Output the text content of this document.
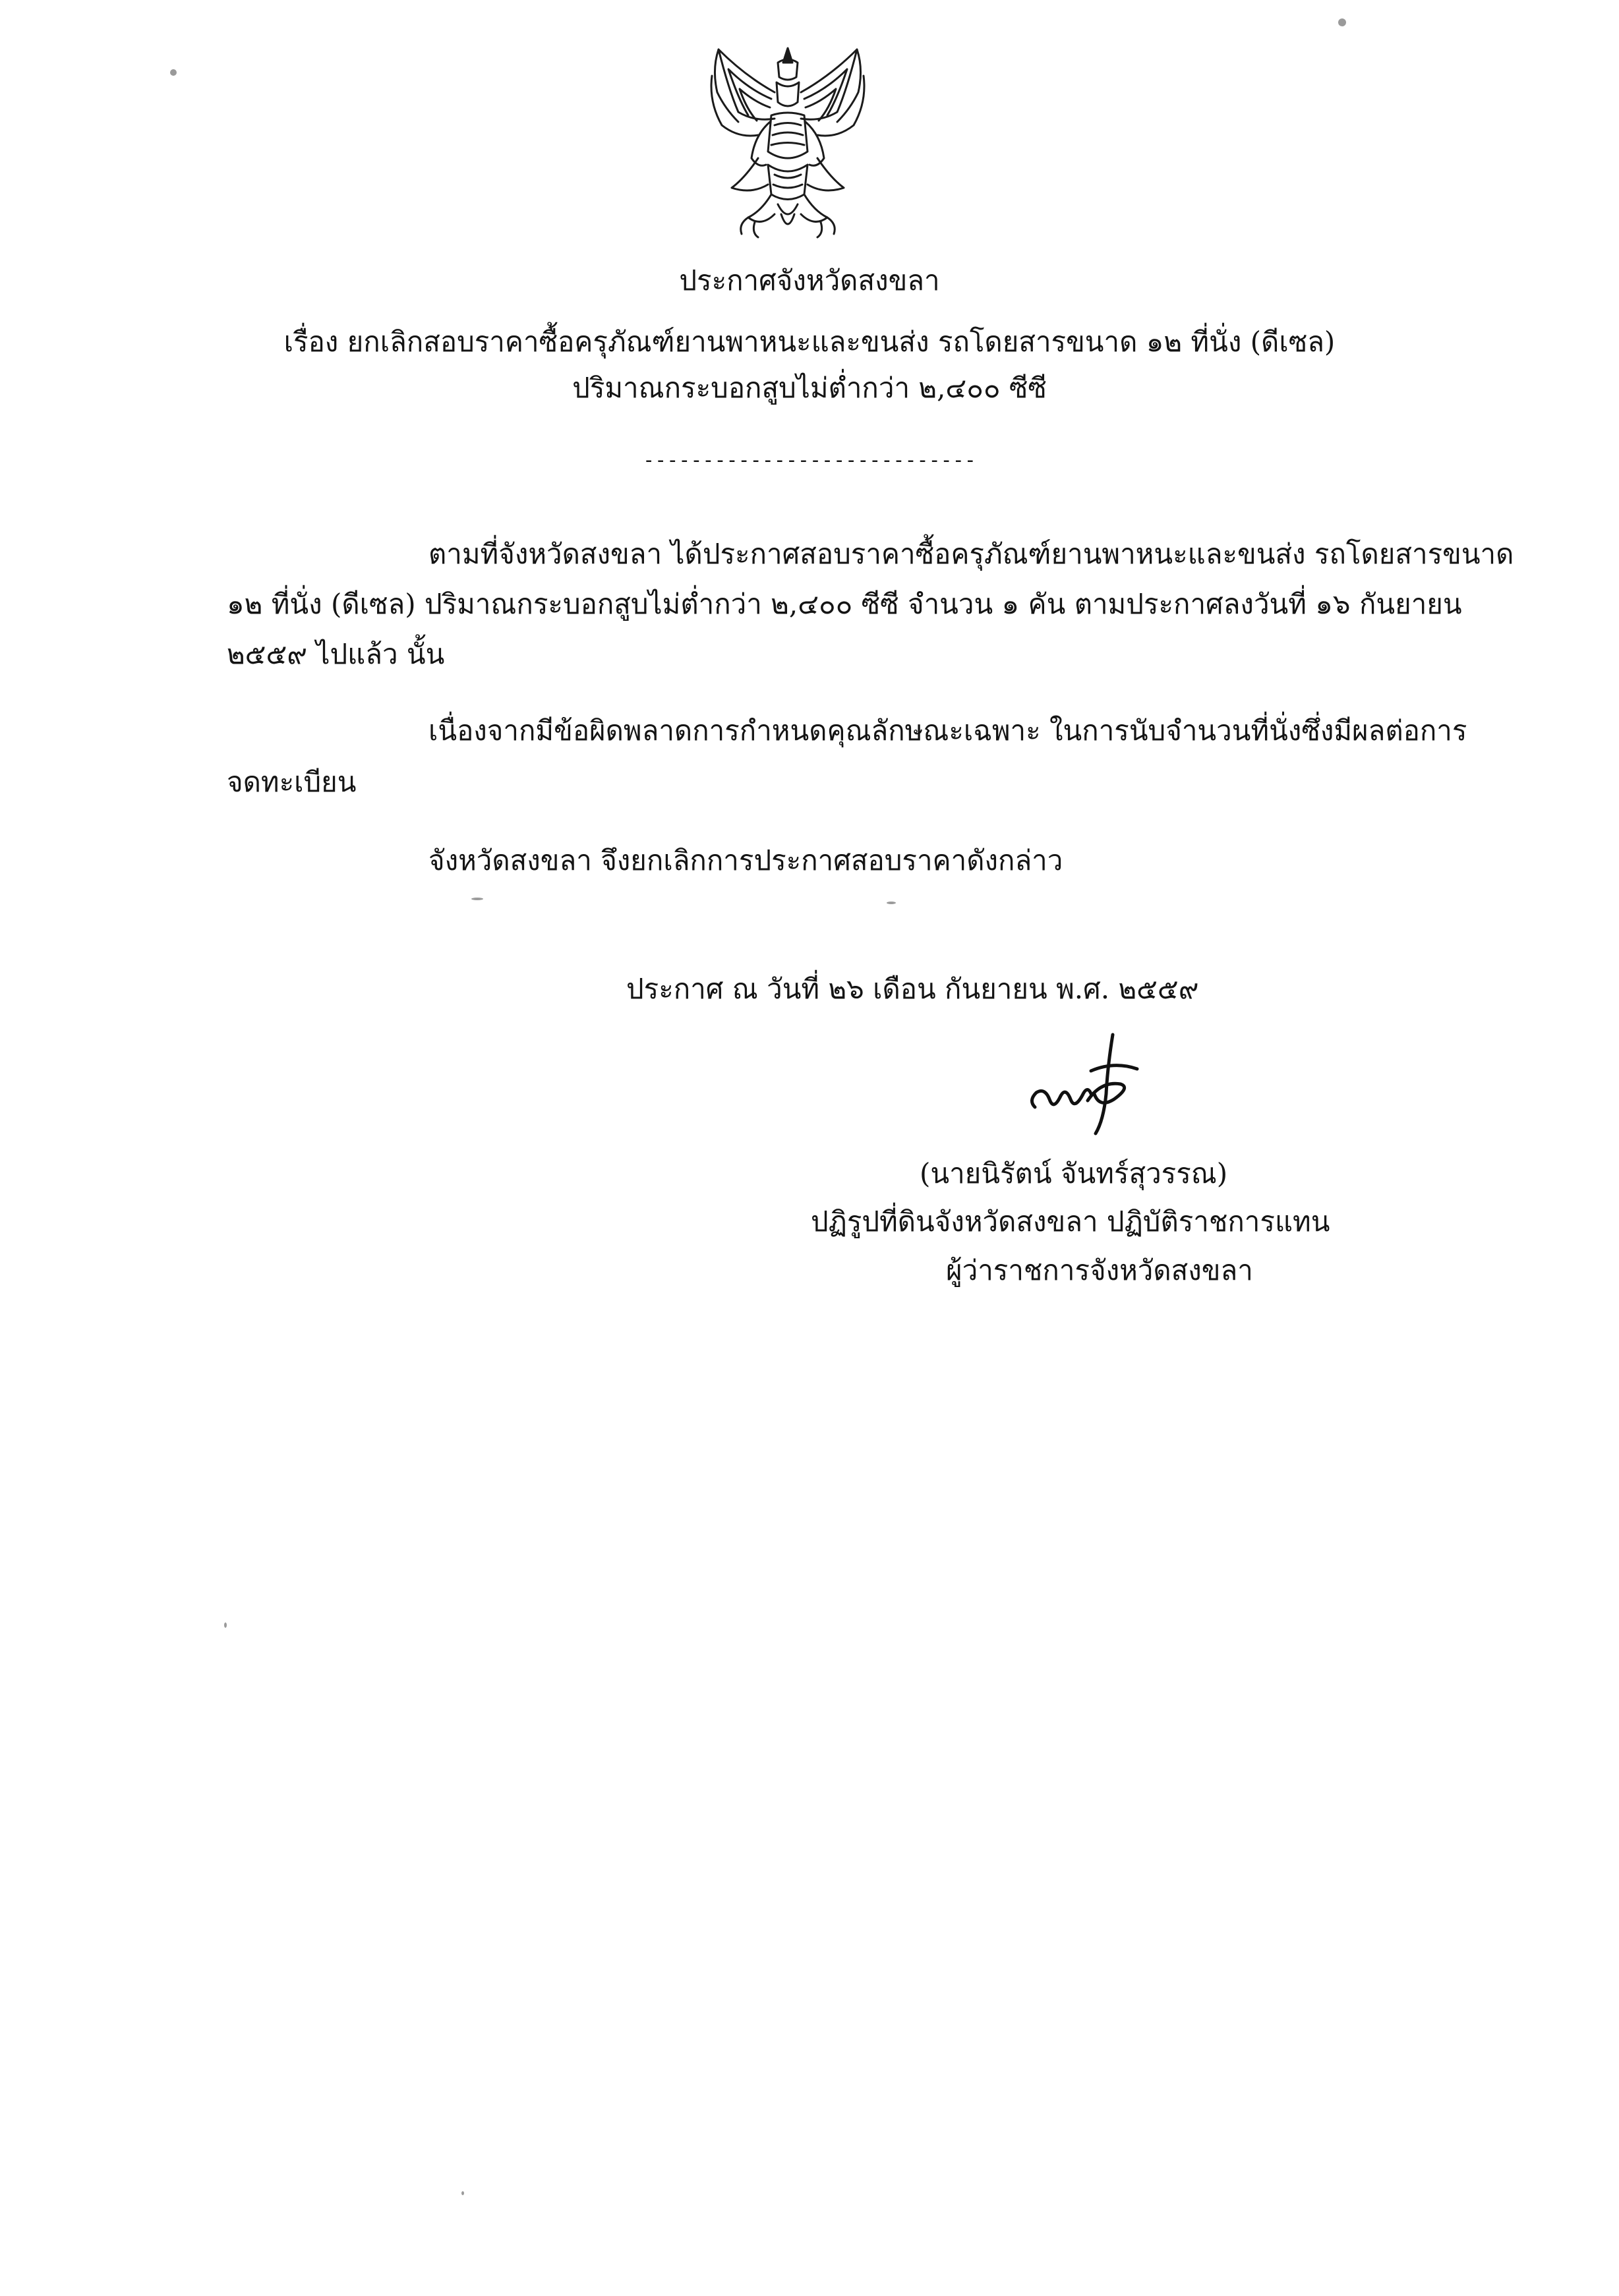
ประกาศจังหวัดสงขลา
เรื่อง ยกเลิกสอบราคาซื้อครุภัณฑ์ยานพาหนะและขนส่ง รถโดยสารขนาด ๑๒ ที่นั่ง (ดีเซล)
ปริมาณกระบอกสูบไม่ต่ำกว่า ๒,๔๐๐ ซีซี
----------------------------
ตามที่จังหวัดสงขลา ได้ประกาศสอบราคาซื้อครุภัณฑ์ยานพาหนะและขนส่ง รถโดยสารขนาด
๑๒ ที่นั่ง (ดีเซล) ปริมาณกระบอกสูบไม่ต่ำกว่า ๒,๔๐๐ ซีซี จำนวน ๑ คัน ตามประกาศลงวันที่ ๑๖ กันยายน
๒๕๕๙ ไปแล้ว นั้น
เนื่องจากมีข้อผิดพลาดการกำหนดคุณลักษณะเฉพาะ ในการนับจำนวนที่นั่งซึ่งมีผลต่อการ
จดทะเบียน
จังหวัดสงขลา จึงยกเลิกการประกาศสอบราคาดังกล่าว
ประกาศ ณ วันที่ ๒๖ เดือน กันยายน พ.ศ. ๒๕๕๙
(นายนิรัตน์ จันทร์สุวรรณ)
ปฏิรูปที่ดินจังหวัดสงขลา ปฏิบัติราชการแทน
ผู้ว่าราชการจังหวัดสงขลา
